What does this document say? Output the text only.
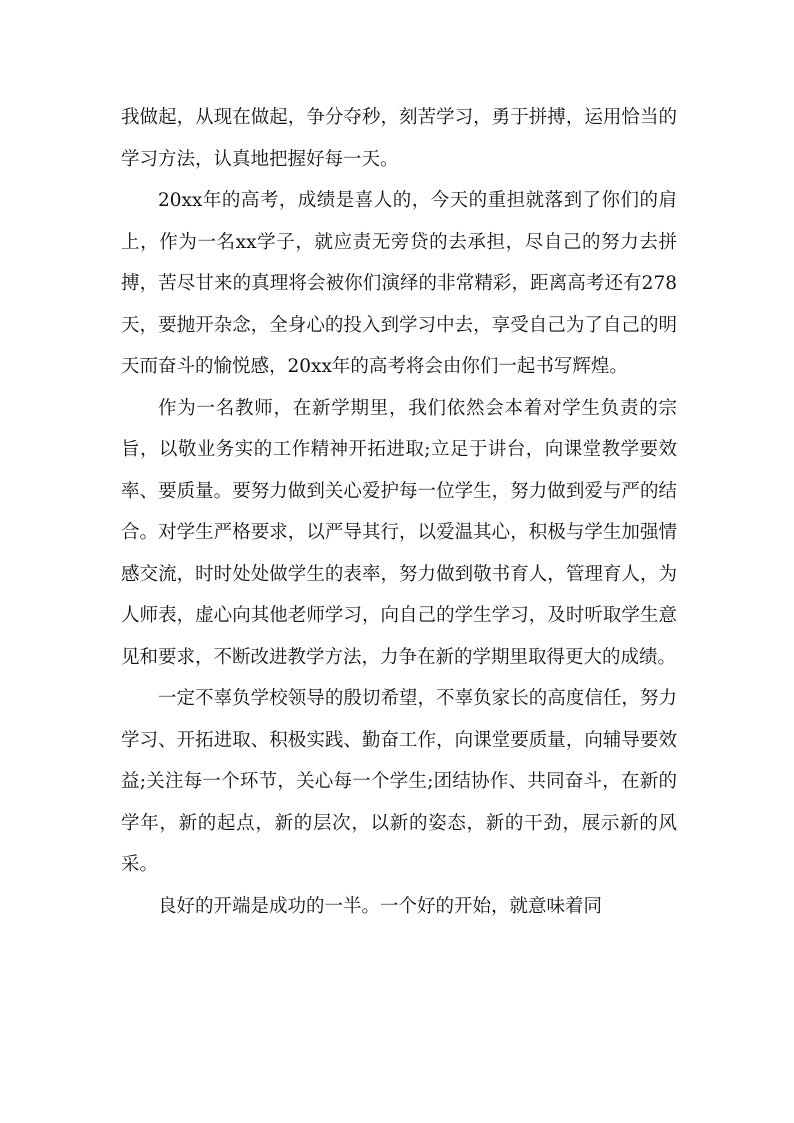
我做起，从现在做起，争分夺秒，刻苦学习，勇于拼搏，运用恰当的学习方法，认真地把握好每一天。

20xx年的高考，成绩是喜人的，今天的重担就落到了你们的肩上，作为一名xx学子，就应责无旁贷的去承担，尽自己的努力去拼搏，苦尽甘来的真理将会被你们演绎的非常精彩，距离高考还有278天，要抛开杂念，全身心的投入到学习中去，享受自己为了自己的明天而奋斗的愉悦感，20xx年的高考将会由你们一起书写辉煌。

作为一名教师，在新学期里，我们依然会本着对学生负责的宗旨，以敬业务实的工作精神开拓进取;立足于讲台，向课堂教学要效率、要质量。要努力做到关心爱护每一位学生，努力做到爱与严的结合。对学生严格要求，以严导其行，以爱温其心，积极与学生加强情感交流，时时处处做学生的表率，努力做到敬书育人，管理育人，为人师表，虚心向其他老师学习，向自己的学生学习，及时听取学生意见和要求，不断改进教学方法，力争在新的学期里取得更大的成绩。

一定不辜负学校领导的殷切希望，不辜负家长的高度信任，努力学习、开拓进取、积极实践、勤奋工作，向课堂要质量，向辅导要效益;关注每一个环节，关心每一个学生;团结协作、共同奋斗，在新的学年，新的起点，新的层次，以新的姿态，新的干劲，展示新的风采。

良好的开端是成功的一半。一个好的开始，就意味着同
